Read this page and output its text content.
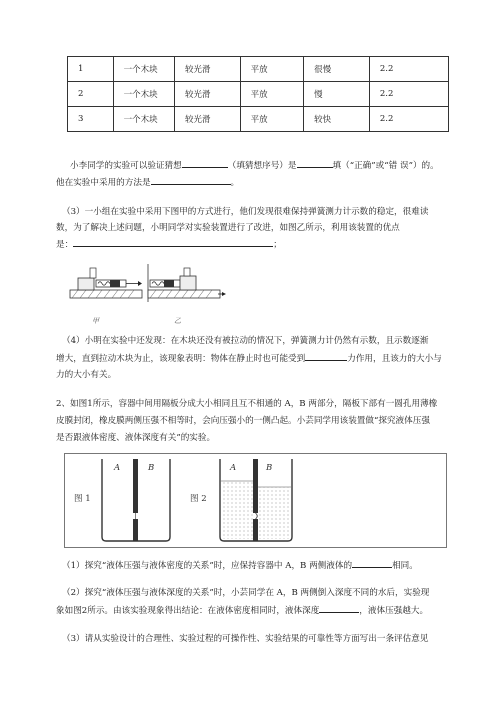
1	一个木块	较光滑	平放	很慢	2.2
2	一个木块	较光滑	平放	慢	2.2
3	一个木块	较光滑	平放	较快	2.2
小李同学的实验可以验证猜想	（填猜想序号）是	填（“正确”或“错 误”）的。
他在实验中采用的方法是	。
（3）一小组在实验中采用下图甲的方式进行，他们发现很难保持弹簧测力计示数的稳定，很难读
数，为了解决上述问题，小明同学对实验装置进行了改进，如图乙所示，利用该装置的优点
是：	；
甲	乙
（4）小明在实验中还发现：在木块还没有被拉动的情况下，弹簧测力计仍然有示数，且示数逐渐
增大，直到拉动木块为止，该现象表明：物体在静止时也可能受到	力作用，且该力的大小与
力的大小有关。
2、如图1所示，容器中间用隔板分成大小相同且互不相通的 A，B 两部分，隔板下部有一圆孔用薄橡
皮膜封闭，橡皮膜两侧压强不相等时，会向压强小的一侧凸起。小芸同学用该装置做“探究液体压强
是否跟液体密度、液体深度有关”的实验。
图 1	图 2
A	B	A	B
（1）探究“液体压强与液体密度的关系”时，应保持容器中 A，B 两侧液体的	相同。
（2）探究“液体压强与液体深度的关系”时，小芸同学在 A，B 两侧倒入深度不同的水后，实验现
象如图2所示。由该实验现象得出结论：在液体密度相同时，液体深度	，液体压强越大。
（3）请从实验设计的合理性、实验过程的可操作性、实验结果的可靠性等方面写出一条评估意见
